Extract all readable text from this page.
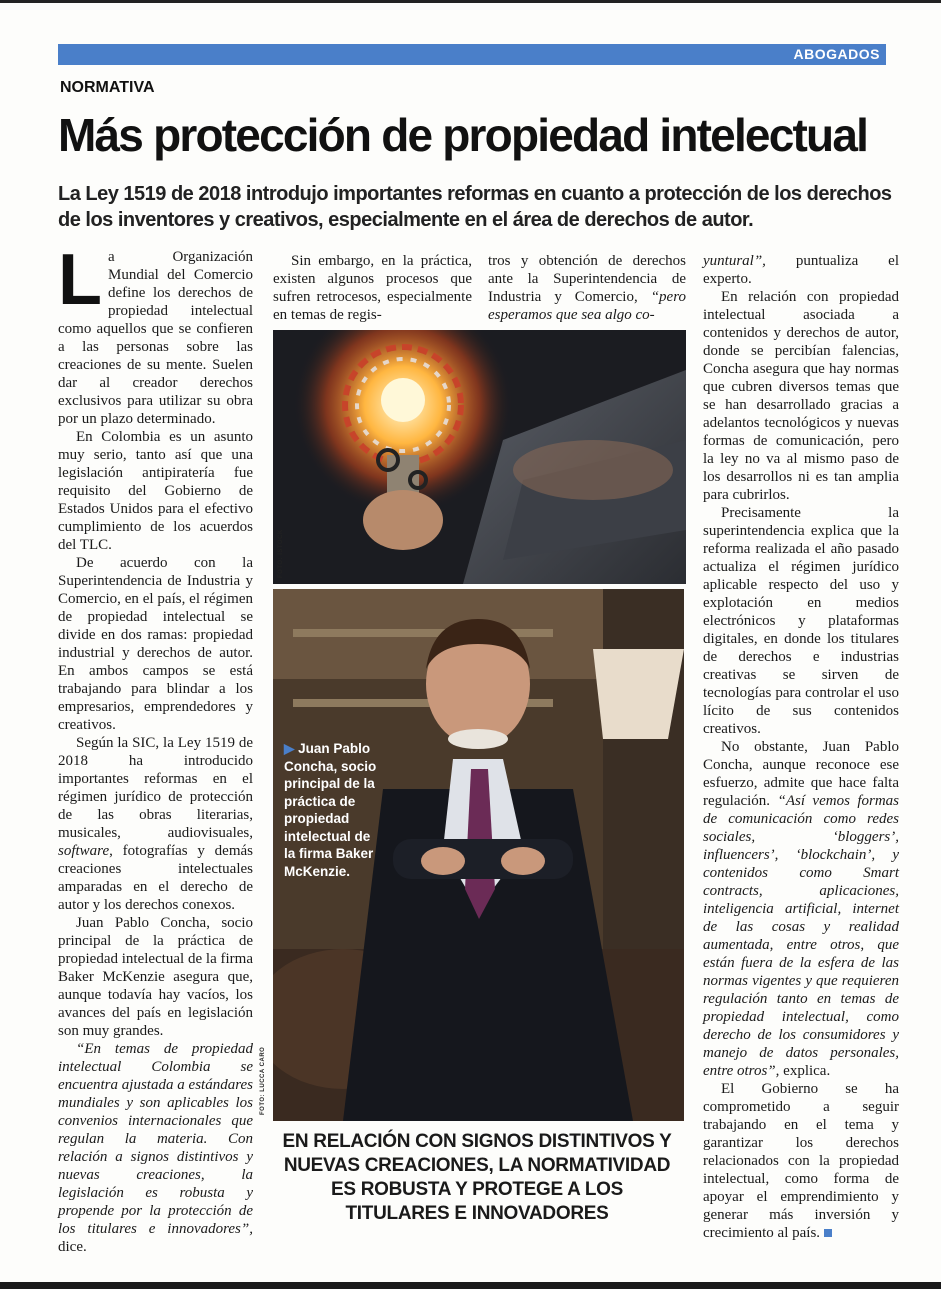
ABOGADOS
NORMATIVA
Más protección de propiedad intelectual
La Ley 1519 de 2018 introdujo importantes reformas en cuanto a protección de los derechos de los inventores y creativos, especialmente en el área de derechos de autor.

La Organización Mundial del Comercio define los derechos de propiedad intelectual como aquellos que se confieren a las personas sobre las creaciones de su mente. Suelen dar al creador derechos exclusivos para utilizar su obra por un plazo determinado.

En Colombia es un asunto muy serio, tanto así que una legislación antipiratería fue requisito del Gobierno de Estados Unidos para el efectivo cumplimiento de los acuerdos del TLC.

De acuerdo con la Superintendencia de Industria y Comercio, en el país, el régimen de propiedad intelectual se divide en dos ramas: propiedad industrial y derechos de autor. En ambos campos se está trabajando para blindar a los empresarios, emprendedores y creativos.

Según la SIC, la Ley 1519 de 2018 ha introducido importantes reformas en el régimen jurídico de protección de las obras literarias, musicales, audiovisuales, software, fotografías y demás creaciones intelectuales amparadas en el derecho de autor y los derechos conexos.

Juan Pablo Concha, socio principal de la práctica de propiedad intelectual de la firma Baker McKenzie asegura que, aunque todavía hay vacíos, los avances del país en legislación son muy grandes.

“En temas de propiedad intelectual Colombia se encuentra ajustada a estándares mundiales y son aplicables los convenios internacionales que regulan la materia. Con relación a signos distintivos y nuevas creaciones, la legislación es robusta y propende por la protección de los titulares e innovadores”, dice.

Sin embargo, en la práctica, existen algunos procesos que sufren retrocesos, especialmente en temas de regis-

tros y obtención de derechos ante la Superintendencia de Industria y Comercio, “pero esperamos que sea algo co-

FOTO: ISTOCK
▶ Juan Pablo Concha, socio principal de la práctica de propiedad intelectual de la firma Baker McKenzie.
FOTO: LUCCA CARO
EN RELACIÓN CON SIGNOS DISTINTIVOS Y NUEVAS CREACIONES, LA NORMATIVIDAD ES ROBUSTA Y PROTEGE A LOS TITULARES E INNOVADORES

yuntural”, puntualiza el experto.

En relación con propiedad intelectual asociada a contenidos y derechos de autor, donde se percibían falencias, Concha asegura que hay normas que cubren diversos temas que se han desarrollado gracias a adelantos tecnológicos y nuevas formas de comunicación, pero la ley no va al mismo paso de los desarrollos ni es tan amplia para cubrirlos.

Precisamente la superintendencia explica que la reforma realizada el año pasado actualiza el régimen jurídico aplicable respecto del uso y explotación en medios electrónicos y plataformas digitales, en donde los titulares de derechos e industrias creativas se sirven de tecnologías para controlar el uso lícito de sus contenidos creativos.

No obstante, Juan Pablo Concha, aunque reconoce ese esfuerzo, admite que hace falta regulación. “Así vemos formas de comunicación como redes sociales, ‘bloggers’, influencers’, ‘blockchain’, y contenidos como Smart contracts, aplicaciones, inteligencia artificial, internet de las cosas y realidad aumentada, entre otros, que están fuera de la esfera de las normas vigentes y que requieren regulación tanto en temas de propiedad intelectual, como derecho de los consumidores y manejo de datos personales, entre otros”, explica.

El Gobierno se ha comprometido a seguir trabajando en el tema y garantizar los derechos relacionados con la propiedad intelectual, como forma de apoyar el emprendimiento y generar más inversión y crecimiento al país.
